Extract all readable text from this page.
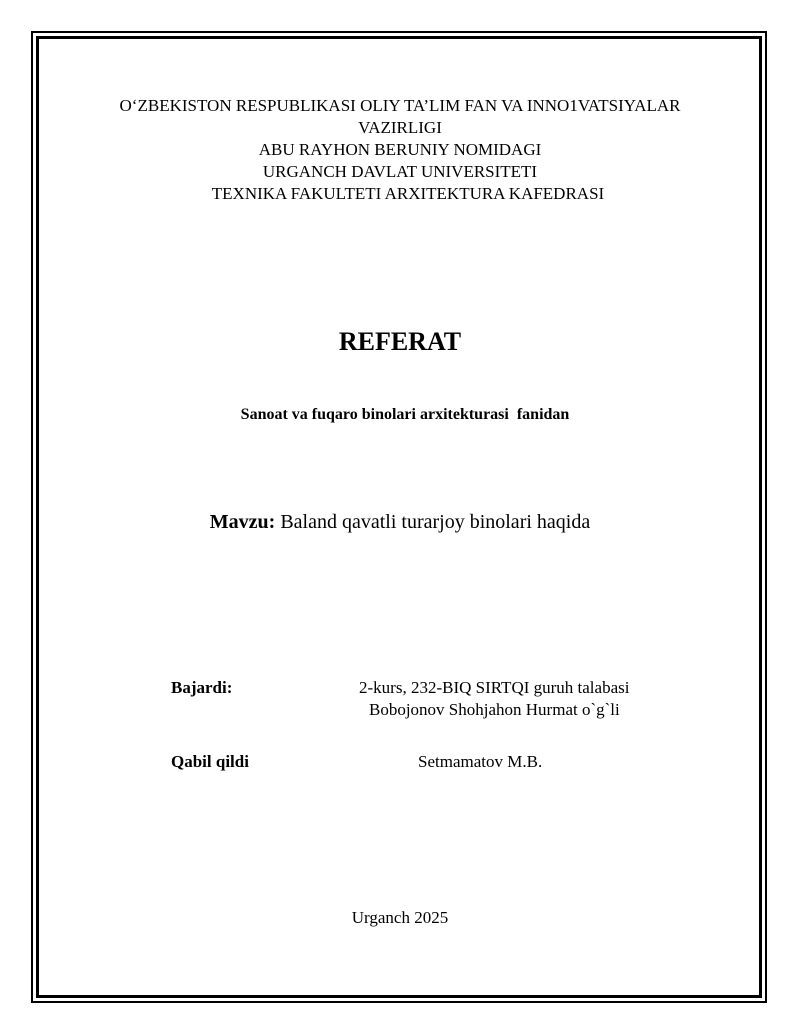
O‘ZBEKISTON RESPUBLIKASI OLIY TA’LIM FAN VA INNO1VATSIYALAR
VAZIRLIGI
ABU RAYHON BERUNIY NOMIDAGI
URGANCH DAVLAT UNIVERSITETI
TEXNIKA FAKULTETI ARXITEKTURA KAFEDRASI
REFERAT
Sanoat va fuqaro binolari arxitekturasi  fanidan
Mavzu: Baland qavatli turarjoy binolari haqida
Bajardi:	2-kurs, 232-BIQ SIRTQI guruh talabasi
Bobojonov Shohjahon Hurmat o`g`li
Qabil qildi	Setmamatov M.B.
Urganch 2025
